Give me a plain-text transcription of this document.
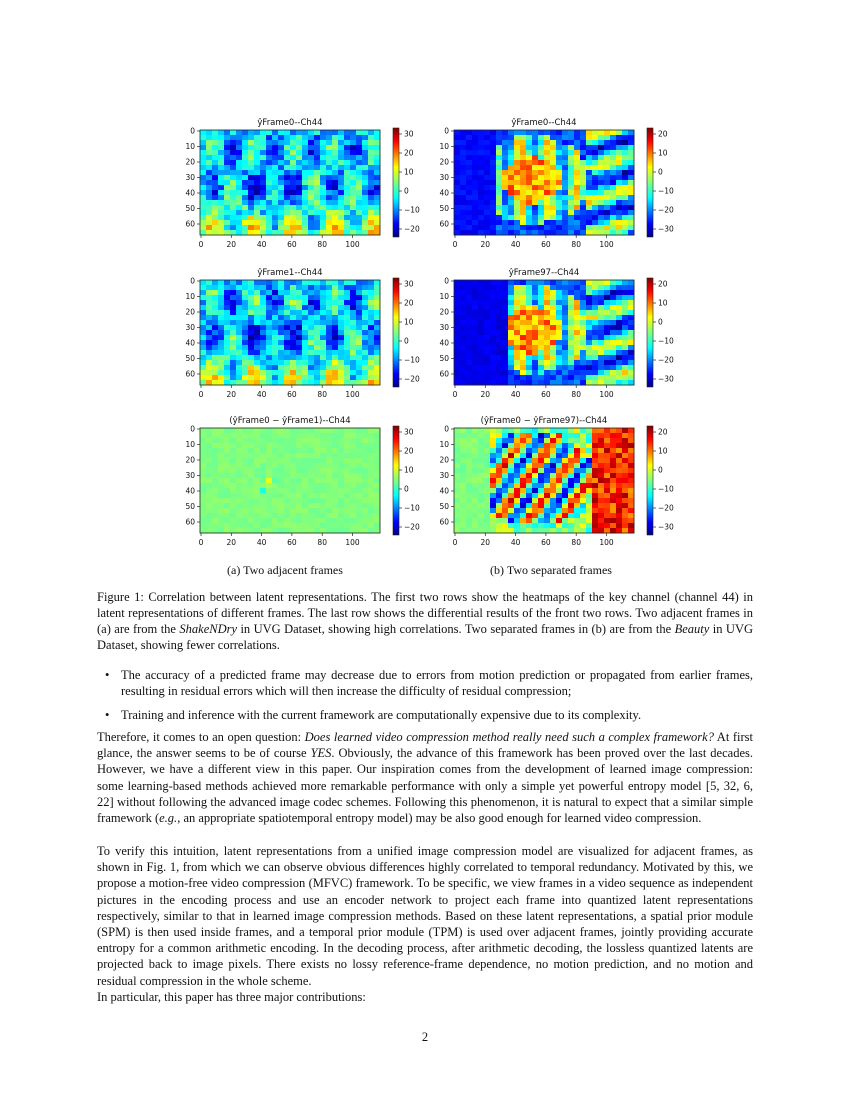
ŷFrame0--Ch44
0
10
20
30
40
50
60
0	20	40	60	80 100
30
20
10
0
−10
−20
ŷFrame0--Ch44
0
10
20
30
40
50
60
0	20	40	60	80 100
20
10
0
−10
−20
−30
ŷFrame1--Ch44
0
10
20
30
40
50
60
0	20	40	60	80 100
30
20
10
0
−10
−20
ŷFrame97--Ch44
0
10
20
30
40
50
60
0	20	40	60	80 100
20
10
0
−10
−20
−30
(ŷFrame0 − ŷFrame1)--Ch44
0
10
20
30
40
50
60
0	20	40	60	80 100
30
20
10
0
−10
−20
(ŷFrame0 − ŷFrame97)--Ch44
0
10
20
30
40
50
60
0	20	40	60	80 100
20
10
0
−10
−20
−30
(a) Two adjacent frames	(b) Two separated frames
Figure 1: Correlation between latent representations. The first two rows show the heatmaps of the key channel (channel 44) in latent representations of different frames. The last row shows the differential results of the front two rows. Two adjacent frames in (a) are from the ShakeNDry in UVG Dataset, showing high correlations. Two separated frames in (b) are from the Beauty in UVG Dataset, showing fewer correlations.
• The accuracy of a predicted frame may decrease due to errors from motion prediction or propagated from earlier frames, resulting in residual errors which will then increase the difficulty of residual compression;
• Training and inference with the current framework are computationally expensive due to its complexity.

Therefore, it comes to an open question: Does learned video compression method really need such a complex framework? At first glance, the answer seems to be of course YES. Obviously, the advance of this framework has been proved over the last decades. However, we have a different view in this paper. Our inspiration comes from the development of learned image compression: some learning-based methods achieved more remarkable performance with only a simple yet powerful entropy model [5, 32, 6, 22] without following the advanced image codec schemes. Following this phenomenon, it is natural to expect that a similar simple framework (e.g., an appropriate spatiotemporal entropy model) may be also good enough for learned video compression.

To verify this intuition, latent representations from a unified image compression model are visualized for adjacent frames, as shown in Fig. 1, from which we can observe obvious differences highly correlated to temporal redundancy. Motivated by this, we propose a motion-free video compression (MFVC) framework. To be specific, we view frames in a video sequence as independent pictures in the encoding process and use an encoder network to project each frame into quantized latent representations respectively, similar to that in learned image compression methods. Based on these latent representations, a spatial prior module (SPM) is then used inside frames, and a temporal prior module (TPM) is used over adjacent frames, jointly providing accurate entropy for a common arithmetic encoding. In the decoding process, after arithmetic decoding, the lossless quantized latents are projected back to image pixels. There exists no lossy reference-frame dependence, no motion prediction, and no motion and residual compression in the whole scheme.

In particular, this paper has three major contributions:

2
